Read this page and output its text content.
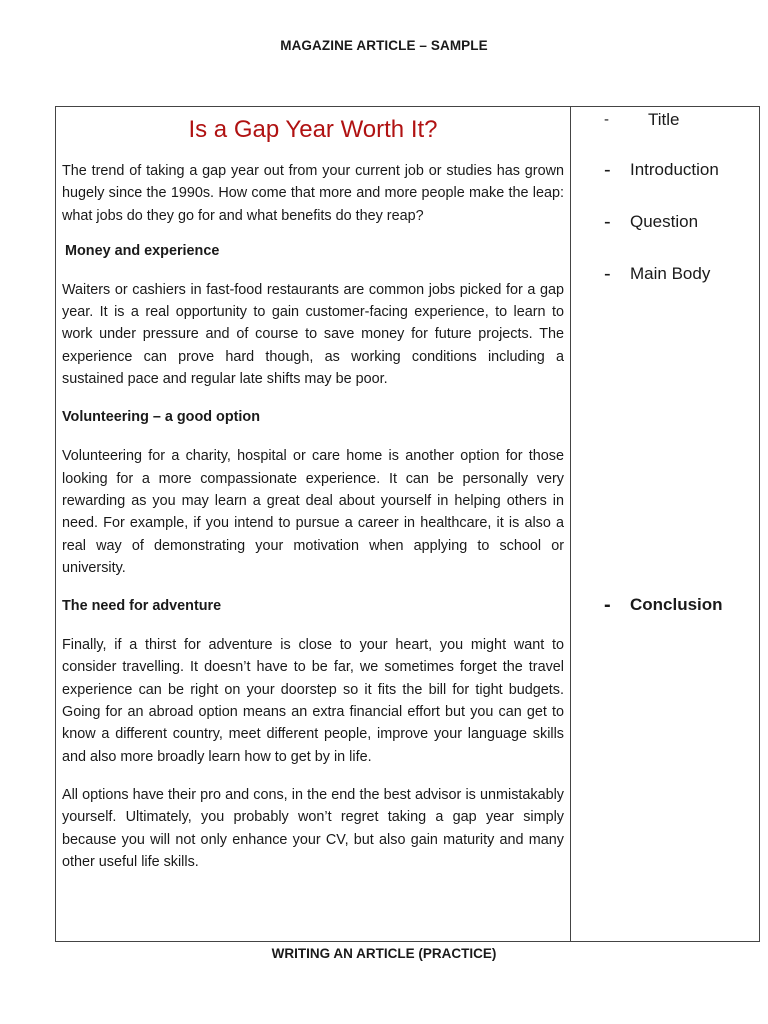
MAGAZINE ARTICLE – SAMPLE
Is a Gap Year Worth It?

The trend of taking a gap year out from your current job or studies has grown hugely since the 1990s. How come that more and more people make the leap: what jobs do they go for and what benefits do they reap?

Money and experience

Waiters or cashiers in fast-food restaurants are common jobs picked for a gap year. It is a real opportunity to gain customer-facing experience, to learn to work under pressure and of course to save money for future projects. The experience can prove hard though, as working conditions including a sustained pace and regular late shifts may be poor.

Volunteering – a good option

Volunteering for a charity, hospital or care home is another option for those looking for a more compassionate experience. It can be personally very rewarding as you may learn a great deal about yourself in helping others in need. For example, if you intend to pursue a career in healthcare, it is also a real way of demonstrating your motivation when applying to school or university.

The need for adventure

Finally, if a thirst for adventure is close to your heart, you might want to consider travelling. It doesn’t have to be far, we sometimes forget the travel experience can be right on your doorstep so it fits the bill for tight budgets. Going for an abroad option means an extra financial effort but you can get to know a different country, meet different people, improve your language skills and also more broadly learn how to get by in life.

All options have their pro and cons, in the end the best advisor is unmistakably yourself. Ultimately, you probably won’t regret taking a gap year simply because you will not only enhance your CV, but also gain maturity and many other useful life skills.

-	Title
-	Introduction
-	Question
-	Main Body
-	Conclusion
WRITING AN ARTICLE (PRACTICE)
